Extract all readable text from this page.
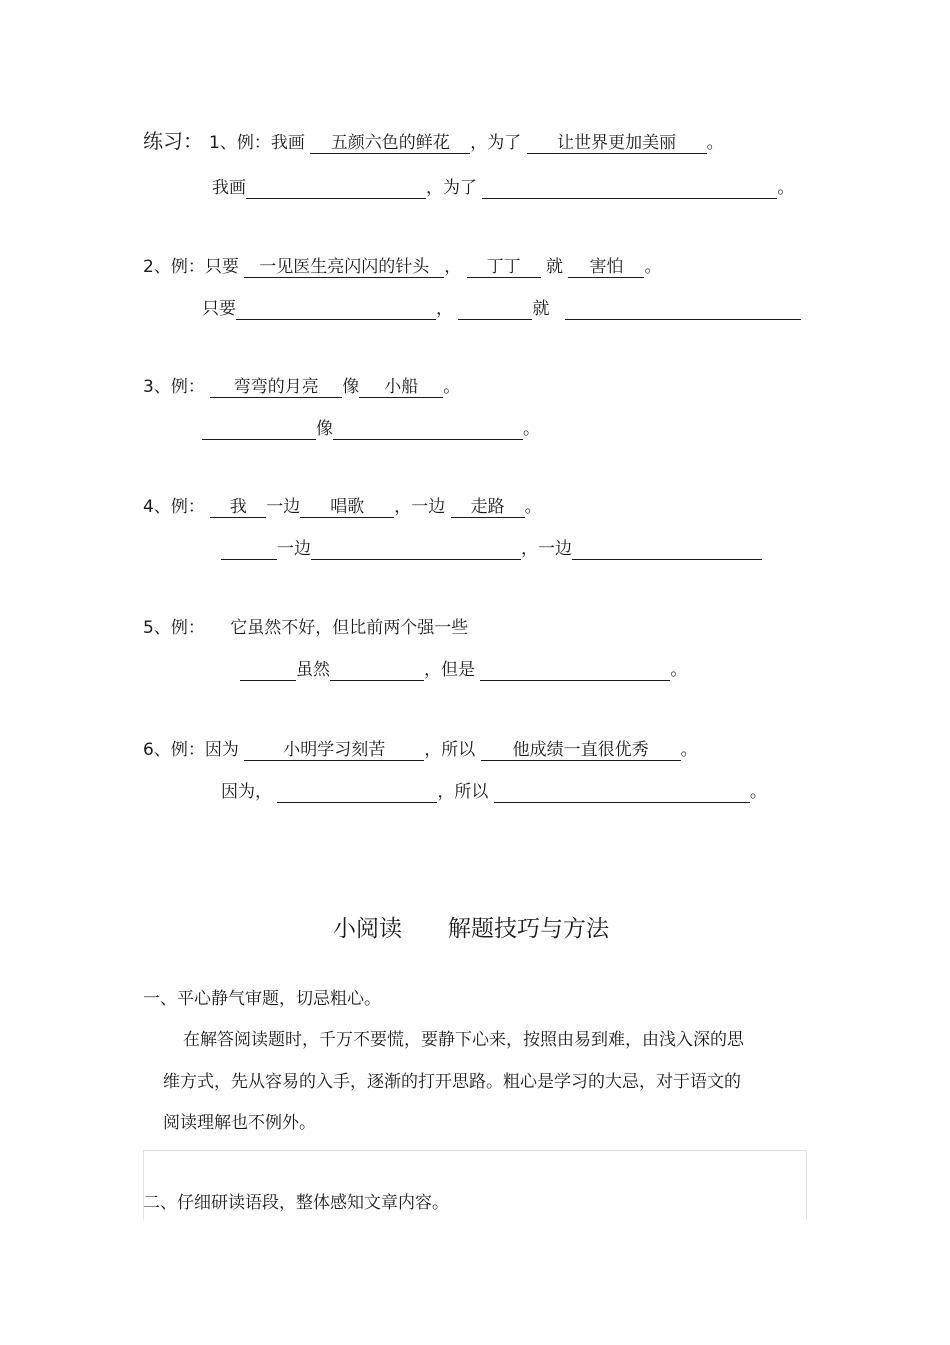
练习： 1、例：我画 五颜六色的鲜花 ，为了 让世界更加美丽 。
我画	，为了	。
2、例：只要 一见医生亮闪闪的针头 ， 丁丁 就 害怕 。
只要	，	就
3、例： 弯弯的月亮 像 小船 。
像	。
4、例： 我 一边 唱歌 ，一边 走路 。
一边	，一边
5、例： 它虽然不好，但比前两个强一些
虽然	，但是	。
6、例：因为	小明学习刻苦 ，所以 他成绩一直很优秀 。
因为，	，所以	。
小阅读　　解题技巧与方法
一、平心静气审题，切忌粗心。
在解答阅读题时，千万不要慌，要静下心来，按照由易到难，由浅入深的思
维方式，先从容易的入手，逐渐的打开思路。粗心是学习的大忌，对于语文的
阅读理解也不例外。
二、仔细研读语段，整体感知文章内容。
